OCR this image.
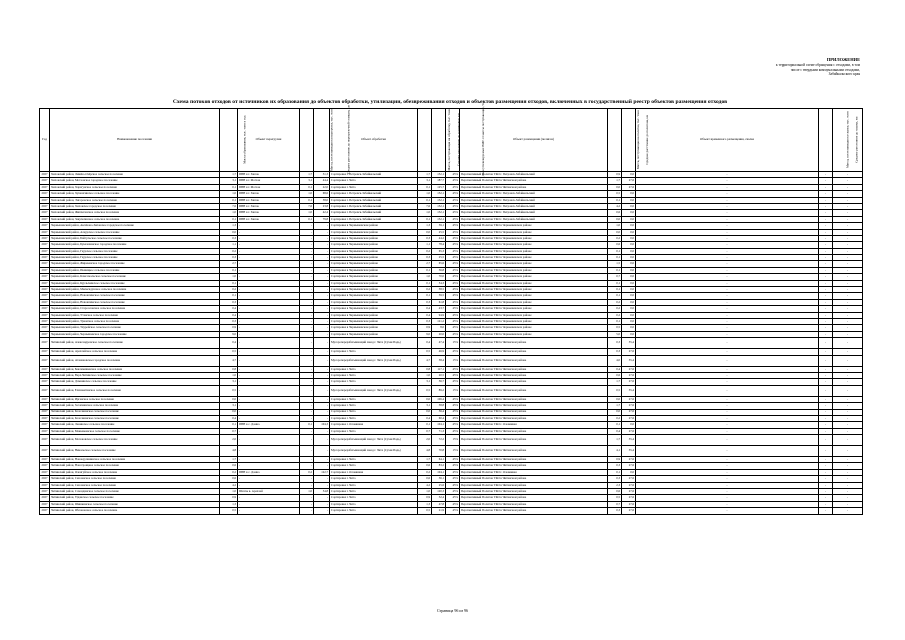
ПРИЛОЖЕНИЕ
к территориальной схеме обращения с отходами, в том
числе с твердыми коммунальными отходами,
Забайкальского края
Схема потоков отходов от источников их образования до объектов обработки, утилизации, обезвреживания отходов и объектов размещения отходов, включенных в государственный реестр объектов размещения отходов
Год	Наименование поселения	Масса образования, тыс. тонн в год	Объект перегрузки	Масса, поступающая на перегрузку, тыс. тонн	Среднее расстояние до перегрузочной станции, км	Объект обработки	Масса, поступающая на обработку, тыс. тонн	Среднее расстояние до сортировки, км	Доля утилизируемых ВМР от массы поступающих, %	Объект размещения (полигон)	Масса, поступающая на полигон, тыс. тонн	Среднее расстояние до полигона, км	Объект временного размещения, свалка	Масса, поступающая на свалку, тыс. тонн	Среднее расстояние до свалки, км
2027	Хилокский район, Линёво-Озёрское сельское поселение	1,7	ПВН в г. Хилок	1,7	31,3	Сортировка г. Петровск-Забайкальский	1,7	152,1	45%	Перспективный Полигон ТКО г. Петровск-Забайкальский	0,9	0,0	-	-	-
2027	Хилокский район, Могзонское городское поселение	3,1	ПВН в г. Могзон	3,1	44,4	Сортировка г. Чита	3,1	187,7	45%	Перспективный Полигон ТКО в Читинском районе	1,7	27,6	-	-	-
2027	Хилокский район, Харагунское сельское поселение	0,1	ПВН в г. Могзон	0,1	22,0	Сортировка г. Чита	0,1	125,7	45%	Перспективный Полигон ТКО в Читинском районе	0,0	27,6	-	-	-
2027	Хилокский район, Хушенгинское сельское поселение	1,0	ПВН в г. Хилок	1,0	68,6	Сортировка г. Петровск-Забайкальский	1,0	152,1	45%	Перспективный Полигон ТКО г. Петровск-Забайкальский	0,5	0,0	-	-	-
2027	Хилокский район, Энгорокское сельское поселение	0,1	ПВН в г. Хилок	0,1	58,0	Сортировка г. Петровск-Забайкальский	0,1	152,1	45%	Перспективный Полигон ТКО г. Петровск-Забайкальский	0,1	0,0	-	-	-
2027	Хилокский район, Хилокское городское поселение	7,6	ПВН в г. Хилок	7,6	23,8	Сортировка г. Петровск-Забайкальский	7,6	152,1	45%	Перспективный Полигон ТКО г. Петровск-Забайкальский	4,2	0,0	-	-	-
2027	Хилокский район, Жипхегенское сельское поселение	1,0	ПВН в г. Хилок	1,0	42,4	Сортировка г. Петровск-Забайкальский	1,0	152,1	45%	Перспективный Полигон ТКО г. Петровск-Забайкальский	0,6	0,0	-	-	-
2027	Хилокский район, Закультинское сельское поселение	0,1	ПВН в г. Хилок	0,1	79,8	Сортировка г. Петровск-Забайкальский	0,1	152,1	45%	Перспективный Полигон ТКО г. Петровск-Забайкальский	0,0	0,0	-	-	-
2027	Чернышевский район, Аксёново-Зиловское городское поселение	1,3	-	-	-	Сортировка в Чернышевском районе	1,3	59,1	45%	Перспективный Полигон ТКО в Чернышевском районе	1,0	0,0	-	-	-
2027	Чернышевский район, Алеурское сельское поселение	0,0	-	-	-	Сортировка в Чернышевском районе	0,0	25,5	45%	Перспективный Полигон ТКО в Чернышевском районе	0,0	0,0	-	-	-
2027	Чернышевский район, Байгульское сельское поселение	0,3	-	-	-	Сортировка в Чернышевском районе	0,3	44,2	45%	Перспективный Полигон ТКО в Чернышевском районе	0,2	0,0	-	-	-
2027	Чернышевский район, Букачачинское городское поселение	1,1	-	-	-	Сортировка в Чернышевском районе	1,1	78,4	45%	Перспективный Полигон ТКО в Чернышевском районе	0,6	0,0	-	-	-
2027	Чернышевский район, Гаурское сельское поселение	0,2	-	-	-	Сортировка в Чернышевском районе	0,2	65,3	45%	Перспективный Полигон ТКО в Чернышевском районе	0,1	0,0	-	-	-
2027	Чернышевский район, Гаурское сельское поселение	0,3	-	-	-	Сортировка в Чернышевском районе	0,3	25,5	45%	Перспективный Полигон ТКО в Чернышевском районе	0,1	0,0	-	-	-
2027	Чернышевский район, Жирекенское городское поселение	2,7	-	-	-	Сортировка в Чернышевском районе	2,7	65,6	45%	Перспективный Полигон ТКО в Чернышевском районе	1,5	0,0	-	-	-
2027	Чернышевский район, Икшицкое сельское поселение	0,1	-	-	-	Сортировка в Чернышевском районе	0,1	36,8	45%	Перспективный Полигон ТКО в Чернышевском районе	0,1	0,0	-	-	-
2027	Чернышевский район, Комсомольское сельское поселение	1,0	-	-	-	Сортировка в Чернышевском районе	1,0	70,0	45%	Перспективный Полигон ТКО в Чернышевском районе	0,7	0,0	-	-	-
2027	Чернышевский район, Курлычинское сельское поселение	0,1	-	-	-	Сортировка в Чернышевском районе	0,1	54,3	45%	Перспективный Полигон ТКО в Чернышевском районе	0,1	0,0	-	-	-
2027	Чернышевский район, Мильгидунское сельское поселение	0,2	-	-	-	Сортировка в Чернышевском районе	0,2	38,5	45%	Перспективный Полигон ТКО в Чернышевском районе	0,1	0,0	-	-	-
2027	Чернышевский район, Новоилимское сельское поселение	0,1	-	-	-	Сортировка в Чернышевском районе	0,1	59,5	45%	Перспективный Полигон ТКО в Чернышевском районе	0,1	0,0	-	-	-
2027	Чернышевский район, Новоилимское сельское поселение	0,3	-	-	-	Сортировка в Чернышевском районе	0,3	61,8	45%	Перспективный Полигон ТКО в Чернышевском районе	0,2	0,0	-	-	-
2027	Чернышевский район, Старооловское сельское поселение	0,4	-	-	-	Сортировка в Чернышевском районе	0,4	43,7	45%	Перспективный Полигон ТКО в Чернышевском районе	0,2	0,0	-	-	-
2027	Чернышевский район, Утанское сельское поселение	0,4	-	-	-	Сортировка в Чернышевском районе	0,4	94,9	45%	Перспективный Полигон ТКО в Чернышевском районе	0,2	0,0	-	-	-
2027	Чернышевский район, Урюмское сельское поселение	0,3	-	-	-	Сортировка в Чернышевском районе	0,3	121,2	45%	Перспективный Полигон ТКО в Чернышевском районе	0,1	0,0	-	-	-
2027	Чернышевский район, Укурейское сельское поселение	0,9	-	-	-	Сортировка в Чернышевском районе	0,9	8,0	45%	Перспективный Полигон ТКО в Чернышевском районе	0,5	0,0	-	-	-
2027	Чернышевский район, Чернышевское городское поселение	9,0	-	-	-	Сортировка в Чернышевском районе	9,0	20,0	45%	Перспективный Полигон ТКО в Чернышевском районе	5,0	0,0	-	-	-
2027	Читинский район, Александровское сельское поселение	0,4	-	-	-	Мусороперерабатывающий завод г. Чита (Сухая Падь)	0,4	47,4	15%	Перспективный Полигон ТКО в Читинском районе	0,3	35,4	-	-	-
2027	Читинский район, Арахлейское сельское поселение	0,5	-	-	-	Сортировка г. Чита	0,5	46,9	45%	Перспективный Полигон ТКО в Читинском районе	0,3	27,6	-	-	-
2027	Читинский район, Атамановское городское поселение	4,7	-	-	-	Мусороперерабатывающий завод г. Чита (Сухая Падь)	4,7	58,4	15%	Перспективный Полигон ТКО в Читинском районе	4,0	35,4	-	-	-
2027	Читинский район, Беклемишевское сельское поселение	0,8	-	-	-	Сортировка г. Чита	0,8	117,1	45%	Перспективный Полигон ТКО в Читинском районе	0,4	27,6	-	-	-
2027	Читинский район, Верх-Читинское сельское поселение	1,0	-	-	-	Сортировка г. Чита	1,0	20,5	45%	Перспективный Полигон ТКО в Читинском районе	0,6	27,6	-	-	-
2027	Читинский район, Домнинское сельское поселение	3,1	-	-	-	Сортировка г. Чита	3,1	36,7	45%	Перспективный Полигон ТКО в Читинском районе	1,7	27,6	-	-	-
2027	Читинский район, Елизаветинское сельское поселение	0,5	-	-	-	Мусороперерабатывающий завод г. Чита (Сухая Падь)	0,5	89,2	15%	Перспективный Полигон ТКО в Читинском районе	0,5	35,4	-	-	-
2027	Читинский район, Иргенское сельское поселение	0,0	-	-	-	Сортировка г. Чита	0,0	106,4	45%	Перспективный Полигон ТКО в Читинском районе	0,0	27,6	-	-	-
2027	Читинский район, Засопкинское сельское поселение	3,1	-	-	-	Сортировка г. Чита	3,1	38,8	45%	Перспективный Полигон ТКО в Читинском районе	1,7	27,6	-	-	-
2027	Читинский район, Колочнинское сельское поселение	0,0	-	-	-	Сортировка г. Чита	0,0	36,4	45%	Перспективный Полигон ТКО в Читинском районе	0,0	27,6	-	-	-
2027	Читинский район, Колочнинское сельское поселение	0,4	-	-	-	Сортировка г. Чита	0,4	60,4	45%	Перспективный Полигон ТКО в Читинском районе	0,2	27,6	-	-	-
2027	Читинский район, Ленинское сельское поселение	0,1	ПВН в с. Домна	0,1	104,3	Сортировка г. Оловянная	0,1	104,1	45%	Перспективный Полигон ТКО г. Оловянная	0,1	0,0	-	-	-
2027	Читинский район, Маккавеевское сельское поселение	0,7	-	-	-	Сортировка г. Чита	0,7	71,3	45%	Перспективный Полигон ТКО в Читинском районе	0,4	27,6	-	-	-
2027	Читинский район, Молоковское сельское поселение	2,0	-	-	-	Мусороперерабатывающий завод г. Чита (Сухая Падь)	2,0	72,2	15%	Перспективный Полигон ТКО в Читинском районе	1,7	35,4	-	-	-
2027	Читинский район, Никольское сельское поселение	4,8	-	-	-	Мусороперерабатывающий завод г. Чита (Сухая Падь)	4,8	70,8	15%	Перспективный Полигон ТКО в Читинском районе	4,1	35,4	-	-	-
2027	Читинский район, Новокручининское сельское поселение	1,7	-	-	-	Сортировка г. Чита	1,7	64,1	45%	Перспективный Полигон ТКО в Читинском районе	0,9	27,6	-	-	-
2027	Читинский район, Новотроицкое сельское поселение	0,6	-	-	-	Сортировка г. Чита	0,6	83,2	45%	Перспективный Полигон ТКО в Читинском районе	0,3	27,6	-	-	-
2027	Читинский район, Оленгуйское сельское поселение	0,2	ПВН в с. Домна	0,2	122,7	Сортировка г. Оловянная	0,2	104,1	45%	Перспективный Полигон ТКО г. Оловянная	0,1	0,0	-	-	-
2027	Читинский район, Смоленское сельское поселение	0,6	-	-	-	Сортировка г. Чита	0,6	36,1	45%	Перспективный Полигон ТКО в Читинском районе	0,3	27,6	-	-	-
2027	Читинский район, Смоленское сельское поселение	4,2	-	-	-	Сортировка г. Чита	4,2	25,6	45%	Перспективный Полигон ТКО в Читинском районе	2,3	27,6	-	-	-
2027	Читинский район, Сохондинское сельское поселение	1,0	Шахты в. Арахлей	1,0	54,8	Сортировка г. Чита	1,0	120,3	45%	Перспективный Полигон ТКО в Читинском районе	0,6	27,6	-	-	-
2027	Читинский район, Угданское сельское поселение	0,9	-	-	-	Сортировка г. Чита	0,9	32,4	45%	Перспективный Полигон ТКО в Читинском районе	0,5	27,6	-	-	-
2027	Читинский район, Шишкинское сельское поселение	1,3	-	-	-	Сортировка г. Чита	1,3	47,8	45%	Перспективный Полигон ТКО в Читинском районе	0,7	27,6	-	-	-
2027	Читинский район, Яблоновское сельское поселение	0,5	-	-	-	Сортировка г. Чита	0,5	21,9	45%	Перспективный Полигон ТКО в Читинском районе	0,3	27,6	-	-	-
Страница 96 из 96
